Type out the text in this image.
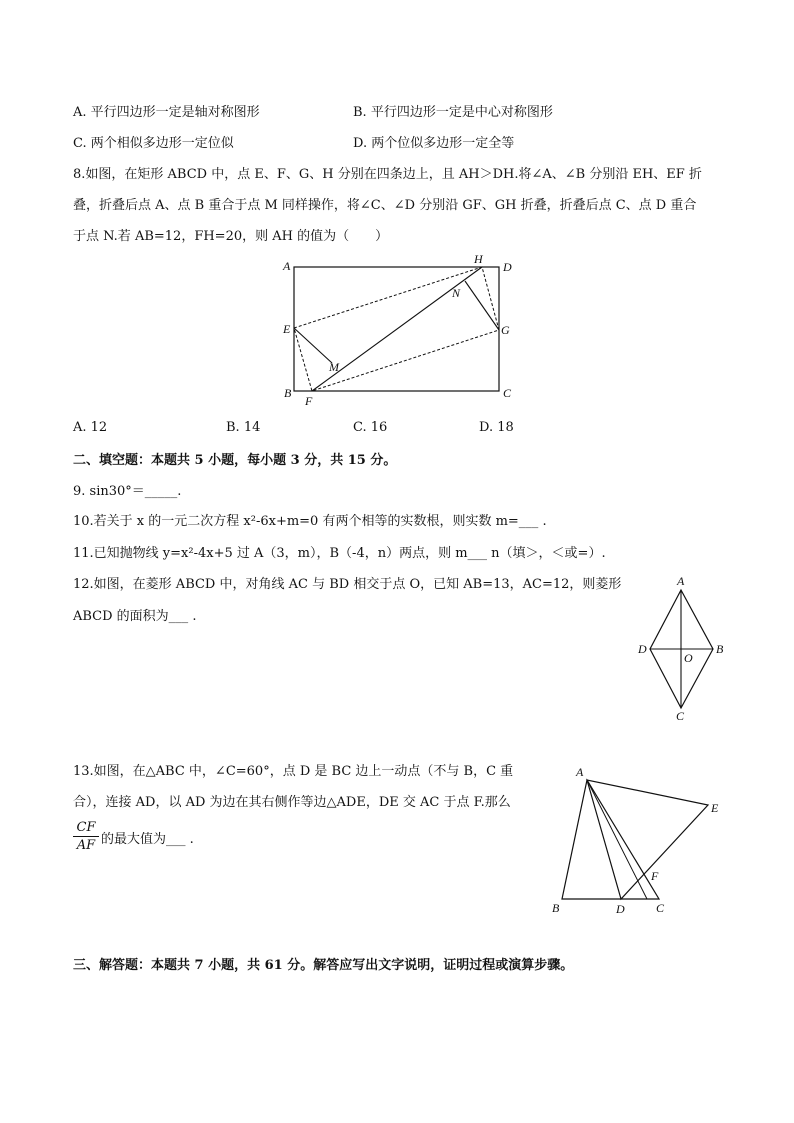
A. 平行四边形一定是轴对称图形	B. 平行四边形一定是中心对称图形
C. 两个相似多边形一定位似	D. 两个位似多边形一定全等
8.如图，在矩形 ABCD 中，点 E、F、G、H 分别在四条边上，且 AH＞DH.将∠A、∠B 分别沿 EH、EF 折
叠，折叠后点 A、点 B 重合于点 M 同样操作，将∠C、∠D 分别沿 GF、GH 折叠，折叠后点 C、点 D 重合
于点 N.若 AB=12，FH=20，则 AH 的值为（　　）
A
B	C
D
E
F
G
H
M
N
A. 12	B. 14	C. 16	D. 18
二、填空题：本题共 5 小题，每小题 3 分，共 15 分。
9. sin30°＝_____.
10.若关于 x 的一元二次方程 x²-6x+m=0 有两个相等的实数根，则实数 m=___ .
11.已知抛物线 y=x²-4x+5 过 A（3，m），B（-4，n）两点，则 m___ n（填＞，＜或=）.
12.如图，在菱形 ABCD 中，对角线 AC 与 BD 相交于点 O，已知 AB=13，AC=12，则菱形
ABCD 的面积为___ .
A
B
C
D
O
13.如图，在△ABC 中，∠C=60°，点 D 是 BC 边上一动点（不与 B，C 重
合），连接 AD，以 AD 为边在其右侧作等边△ADE，DE 交 AC 于点 F.那么
CF
AF 的最大值为___ .
A
B	C
D
E
F
三、解答题：本题共 7 小题，共 61 分。解答应写出文字说明，证明过程或演算步骤。
